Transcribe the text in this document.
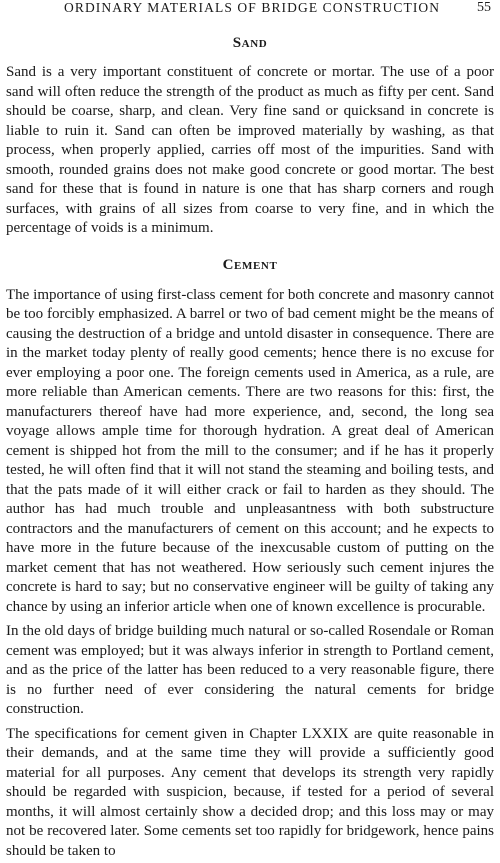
ORDINARY MATERIALS OF BRIDGE CONSTRUCTION	55
Sand

Sand is a very important constituent of concrete or mortar. The use of a poor sand will often reduce the strength of the product as much as fifty per cent. Sand should be coarse, sharp, and clean. Very fine sand or quicksand in concrete is liable to ruin it. Sand can often be improved materially by washing, as that process, when properly applied, carries off most of the impurities. Sand with smooth, rounded grains does not make good concrete or good mortar. The best sand for these that is found in nature is one that has sharp corners and rough surfaces, with grains of all sizes from coarse to very fine, and in which the percentage of voids is a minimum.

Cement

The importance of using first-class cement for both concrete and masonry cannot be too forcibly emphasized. A barrel or two of bad cement might be the means of causing the destruction of a bridge and untold disaster in consequence. There are in the market today plenty of really good cements; hence there is no excuse for ever employing a poor one. The foreign cements used in America, as a rule, are more reliable than American cements. There are two reasons for this: first, the manufacturers thereof have had more experience, and, second, the long sea voyage allows ample time for thorough hydration. A great deal of American cement is shipped hot from the mill to the consumer; and if he has it properly tested, he will often find that it will not stand the steaming and boiling tests, and that the pats made of it will either crack or fail to harden as they should. The author has had much trouble and unpleasantness with both substructure contractors and the manufacturers of cement on this account; and he expects to have more in the future because of the inexcusable custom of putting on the market cement that has not weathered. How seriously such cement injures the concrete is hard to say; but no conservative engineer will be guilty of taking any chance by using an inferior article when one of known excellence is procurable.

In the old days of bridge building much natural or so-called Rosendale or Roman cement was employed; but it was always inferior in strength to Portland cement, and as the price of the latter has been reduced to a very reasonable figure, there is no further need of ever considering the natural cements for bridge construction.

The specifications for cement given in Chapter LXXIX are quite reasonable in their demands, and at the same time they will provide a sufficiently good material for all purposes. Any cement that develops its strength very rapidly should be regarded with suspicion, because, if tested for a period of several months, it will almost certainly show a decided drop; and this loss may or may not be recovered later. Some cements set too rapidly for bridgework, hence pains should be taken to
